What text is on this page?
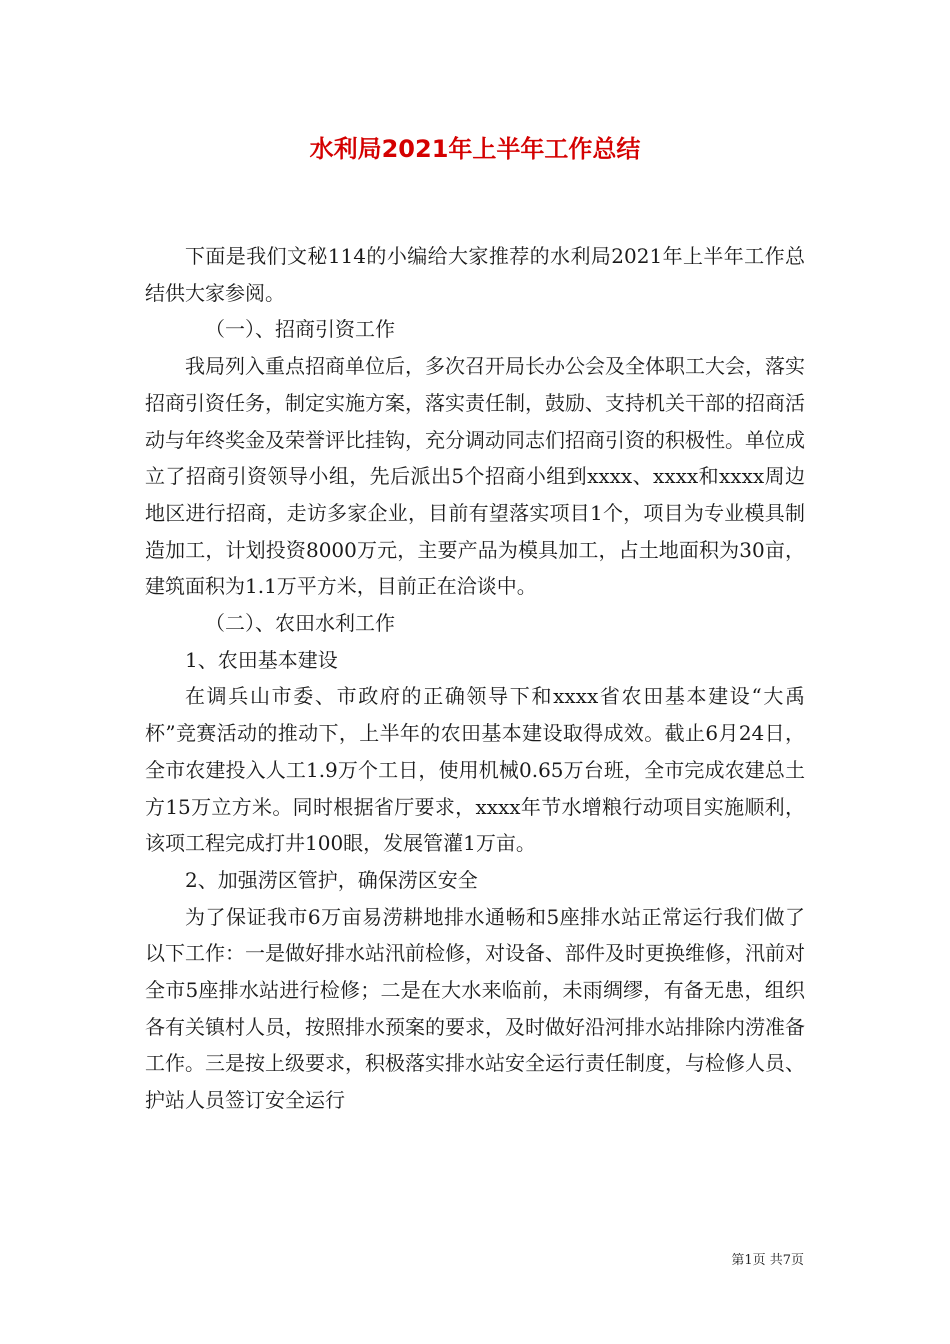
水利局2021年上半年工作总结

下面是我们文秘114的小编给大家推荐的水利局2021年上半年工作总结供大家参阅。

（一）、招商引资工作

我局列入重点招商单位后，多次召开局长办公会及全体职工大会，落实招商引资任务，制定实施方案，落实责任制，鼓励、支持机关干部的招商活动与年终奖金及荣誉评比挂钩，充分调动同志们招商引资的积极性。单位成立了招商引资领导小组，先后派出5个招商小组到xxxx、xxxx和xxxx周边地区进行招商，走访多家企业，目前有望落实项目1个，项目为专业模具制造加工，计划投资8000万元，主要产品为模具加工，占土地面积为30亩，建筑面积为1.1万平方米，目前正在洽谈中。

（二）、农田水利工作

1、农田基本建设

在调兵山市委、市政府的正确领导下和xxxx省农田基本建设“大禹杯”竞赛活动的推动下，上半年的农田基本建设取得成效。截止6月24日，全市农建投入人工1.9万个工日，使用机械0.65万台班，全市完成农建总土方15万立方米。同时根据省厅要求，xxxx年节水增粮行动项目实施顺利，该项工程完成打井100眼，发展管灌1万亩。

2、加强涝区管护，确保涝区安全

为了保证我市6万亩易涝耕地排水通畅和5座排水站正常运行我们做了以下工作：一是做好排水站汛前检修，对设备、部件及时更换维修，汛前对全市5座排水站进行检修；二是在大水来临前，未雨绸缪，有备无患，组织各有关镇村人员，按照排水预案的要求，及时做好沿河排水站排除内涝准备工作。三是按上级要求，积极落实排水站安全运行责任制度，与检修人员、护站人员签订安全运行

第1页 共7页
